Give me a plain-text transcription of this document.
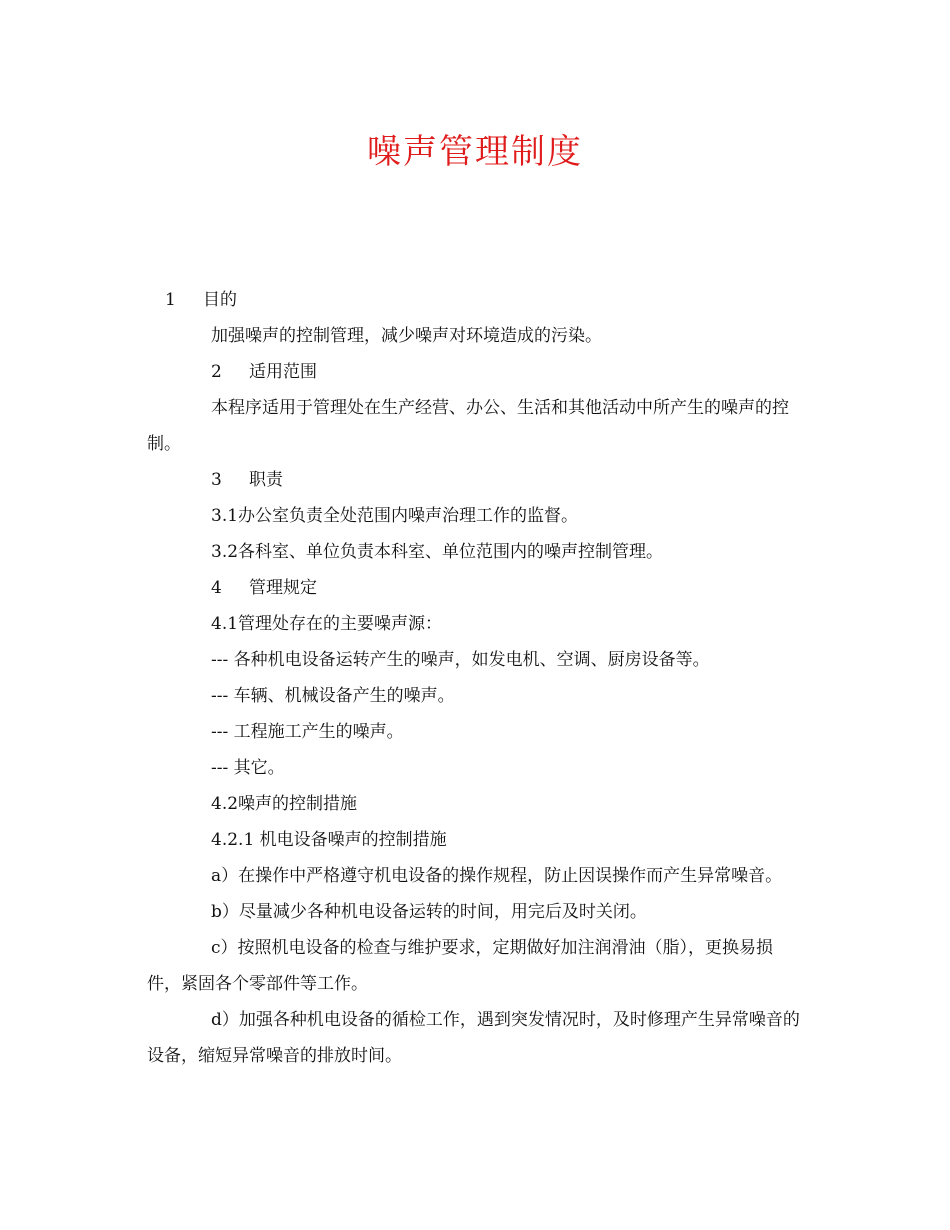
噪声管理制度

1 目的

加强噪声的控制管理，减少噪声对环境造成的污染。

2 适用范围

本程序适用于管理处在生产经营、办公、生活和其他活动中所产生的噪声的控制。

3 职责

3.1办公室负责全处范围内噪声治理工作的监督。

3.2各科室、单位负责本科室、单位范围内的噪声控制管理。

4 管理规定

4.1管理处存在的主要噪声源：

--- 各种机电设备运转产生的噪声，如发电机、空调、厨房设备等。

--- 车辆、机械设备产生的噪声。

--- 工程施工产生的噪声。

--- 其它。

4.2噪声的控制措施

4.2.1 机电设备噪声的控制措施

a）在操作中严格遵守机电设备的操作规程，防止因误操作而产生异常噪音。

b）尽量减少各种机电设备运转的时间，用完后及时关闭。

c）按照机电设备的检查与维护要求，定期做好加注润滑油（脂），更换易损件，紧固各个零部件等工作。

d）加强各种机电设备的循检工作，遇到突发情况时，及时修理产生异常噪音的设备，缩短异常噪音的排放时间。
